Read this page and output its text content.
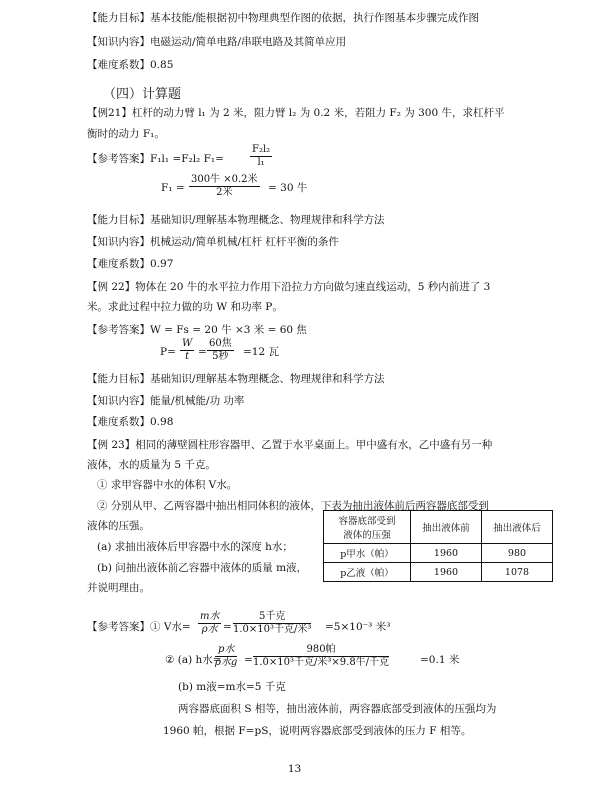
【能力目标】基本技能/能根据初中物理典型作图的依据，执行作图基本步骤完成作图
【知识内容】电磁运动/简单电路/串联电路及其简单应用
【难度系数】0.85
（四）计算题
【例21】杠杆的动力臂 l₁ 为 2 米，阻力臂 l₂ 为 0.2 米，若阻力 F₂ 为 300 牛，求杠杆平
衡时的动力 F₁。
【参考答案】F₁l₁ =F₂l₂ F₁=	$\frac{\text{F₂l₂}}{\text{l₁}}$
F₁ =
300牛 ×0.2米
2米	= 30 牛
【能力目标】基础知识/理解基本物理概念、物理规律和科学方法
【知识内容】机械运动/简单机械/杠杆 杠杆平衡的条件
【难度系数】0.97
【例 22】物体在 20 牛的水平拉力作用下沿拉力方向做匀速直线运动，5 秒内前进了 3
米。求此过程中拉力做的功 W 和功率 P。
【参考答案】W = Fs = 20 牛 ×3 米 = 60 焦
$P= \frac{W}{t}$ =
60焦
5秒	=12 瓦
【能力目标】基础知识/理解基本物理概念、物理规律和科学方法
【知识内容】能量/机械能/功 功率
【难度系数】0.98
【例 23】相同的薄壁圆柱形容器甲、乙置于水平桌面上。甲中盛有水，乙中盛有另一种
液体，水的质量为 5 千克。
① 求甲容器中水的体积 V水。
② 分别从甲、乙两容器中抽出相同体积的液体，下表为抽出液体前后两容器底部受到
液体的压强。
(a) 求抽出液体后甲容器中水的深度 h水；
(b) 问抽出液体前乙容器中液体的质量 m液，
并说明理由。
容器底部受到
液体的压强	抽出液体前	抽出液体后
p甲水（帕）	1960	980
p乙液（帕）	1960	1078
【参考答案】① V水=
m水
ρ水 =
5千克
1.0×10³千克/米³ =5×10⁻³ 米³
② (a) h水=
p水
ρ水g =
980帕
1.0×10³千克/米³×9.8牛/千克	=0.1 米
(b) m液=m水=5 千克
两容器底面积 S 相等，抽出液体前，两容器底部受到液体的压强均为
1960 帕，根据 F=pS，说明两容器底部受到液体的压力 F 相等。
13
